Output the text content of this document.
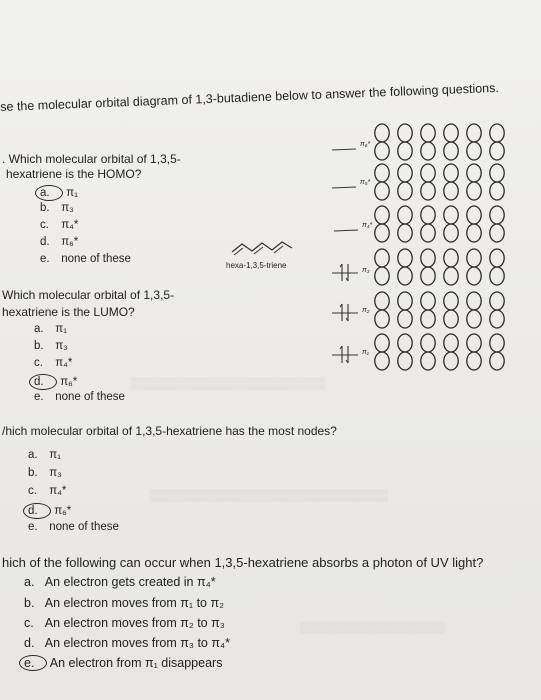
se the molecular orbital diagram of 1,3-butadiene below to answer the following questions.
. Which molecular orbital of 1,3,5-
hexatriene is the HOMO?
a. π₁
b. π₃
c. π₄*
d. π₆*
e. none of these
Which molecular orbital of 1,3,5-
hexatriene is the LUMO?
a. π₁
b. π₃
c. π₄*
d. π₆*
e. none of these
/hich molecular orbital of 1,3,5-hexatriene has the most nodes?
a. π₁
b. π₃
c. π₄*
d. π₆*
e. none of these
hich of the following can occur when 1,3,5-hexatriene absorbs a photon of UV light?
a. An electron gets created in π₄*
b. An electron moves from π₁ to π₂
c. An electron moves from π₂ to π₃
d. An electron moves from π₃ to π₄*
e. An electron from π₁ disappears
hexa-1,3,5-triene
π₆*
π₅*
π₄*
π₃
π₂
π₁
▒▒▒▒▒▒▒▒▒▒▒▒▒▒▒▒▒▒▒▒▒▒▒
▒▒▒▒▒▒▒▒▒▒▒▒▒▒▒▒▒▒▒▒▒▒▒▒▒▒▒▒
▒▒▒▒▒▒▒▒▒▒▒▒▒▒▒▒▒
